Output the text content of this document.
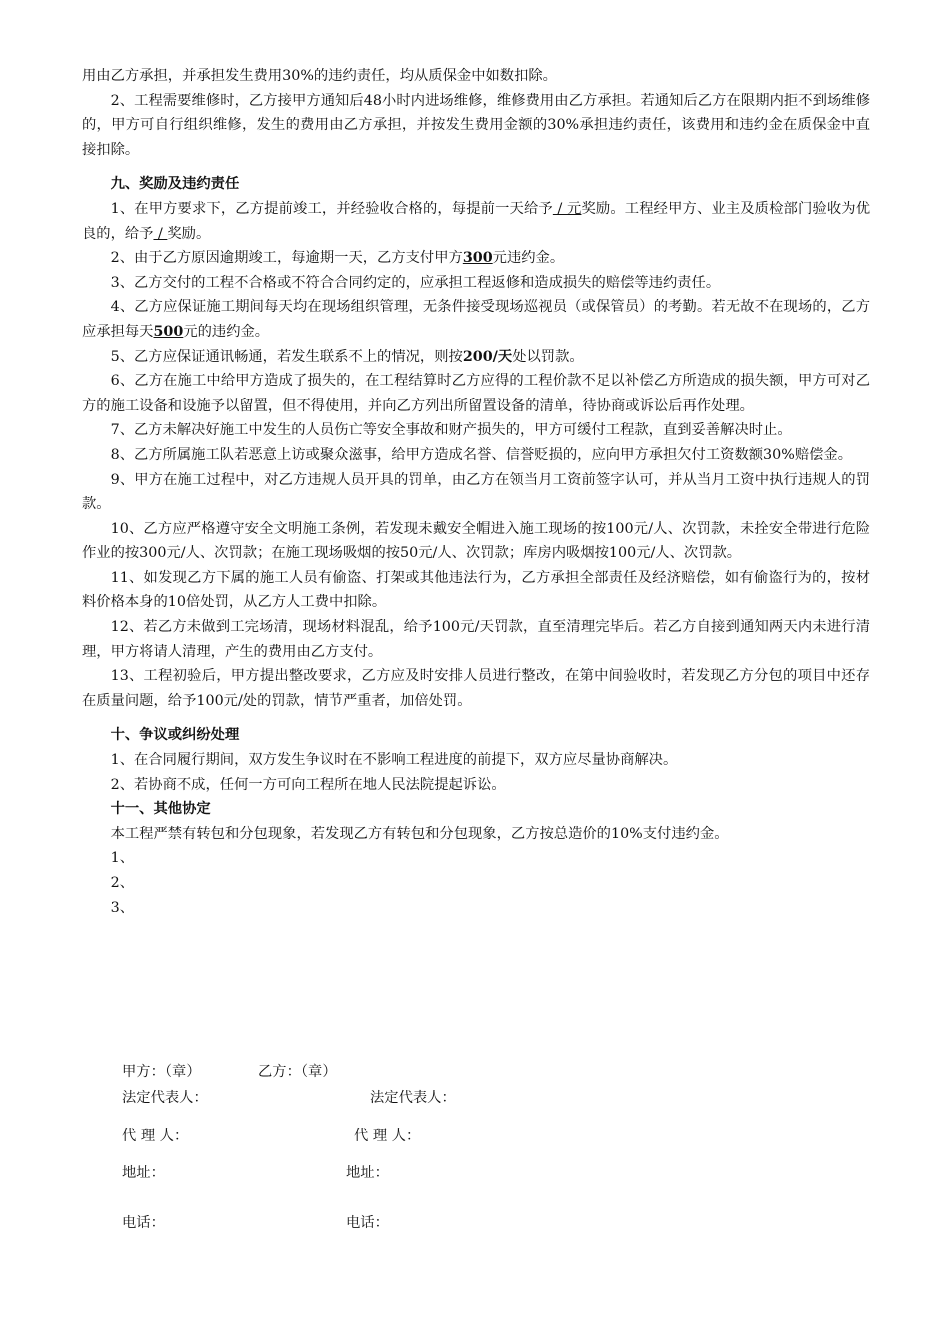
用由乙方承担，并承担发生费用30%的违约责任，均从质保金中如数扣除。

2、工程需要维修时，乙方接甲方通知后48小时内进场维修，维修费用由乙方承担。若通知后乙方在限期内拒不到场维修的，甲方可自行组织维修，发生的费用由乙方承担，并按发生费用金额的30%承担违约责任，该费用和违约金在质保金中直接扣除。

九、奖励及违约责任

1、在甲方要求下，乙方提前竣工，并经验收合格的，每提前一天给予 / 元奖励。工程经甲方、业主及质检部门验收为优良的，给予 / 奖励。

2、由于乙方原因逾期竣工，每逾期一天，乙方支付甲方300元违约金。

3、乙方交付的工程不合格或不符合合同约定的，应承担工程返修和造成损失的赔偿等违约责任。

4、乙方应保证施工期间每天均在现场组织管理，无条件接受现场巡视员（或保管员）的考勤。若无故不在现场的，乙方应承担每天500元的违约金。

5、乙方应保证通讯畅通，若发生联系不上的情况，则按200/天处以罚款。

6、乙方在施工中给甲方造成了损失的，在工程结算时乙方应得的工程价款不足以补偿乙方所造成的损失额，甲方可对乙方的施工设备和设施予以留置，但不得使用，并向乙方列出所留置设备的清单，待协商或诉讼后再作处理。

7、乙方未解决好施工中发生的人员伤亡等安全事故和财产损失的，甲方可缓付工程款，直到妥善解决时止。

8、乙方所属施工队若恶意上访或聚众滋事，给甲方造成名誉、信誉贬损的，应向甲方承担欠付工资数额30%赔偿金。

9、甲方在施工过程中，对乙方违规人员开具的罚单，由乙方在领当月工资前签字认可，并从当月工资中执行违规人的罚款。

10、乙方应严格遵守安全文明施工条例，若发现未戴安全帽进入施工现场的按100元/人、次罚款，未拴安全带进行危险作业的按300元/人、次罚款；在施工现场吸烟的按50元/人、次罚款；库房内吸烟按100元/人、次罚款。

11、如发现乙方下属的施工人员有偷盗、打架或其他违法行为，乙方承担全部责任及经济赔偿，如有偷盗行为的，按材料价格本身的10倍处罚，从乙方人工费中扣除。

12、若乙方未做到工完场清，现场材料混乱，给予100元/天罚款，直至清理完毕后。若乙方自接到通知两天内未进行清理，甲方将请人清理，产生的费用由乙方支付。

13、工程初验后，甲方提出整改要求，乙方应及时安排人员进行整改，在第中间验收时，若发现乙方分包的项目中还存在质量问题，给予100元/处的罚款，情节严重者，加倍处罚。

十、争议或纠纷处理

1、在合同履行期间，双方发生争议时在不影响工程进度的前提下，双方应尽量协商解决。

2、若协商不成，任何一方可向工程所在地人民法院提起诉讼。

十一、其他协定

本工程严禁有转包和分包现象，若发现乙方有转包和分包现象，乙方按总造价的10%支付违约金。

1、

2、

3、

甲方：（章）	乙方：（章）
法定代表人：	法定代表人：
代 理 人：	代 理 人：
地址：	地址：
电话：	电话：
